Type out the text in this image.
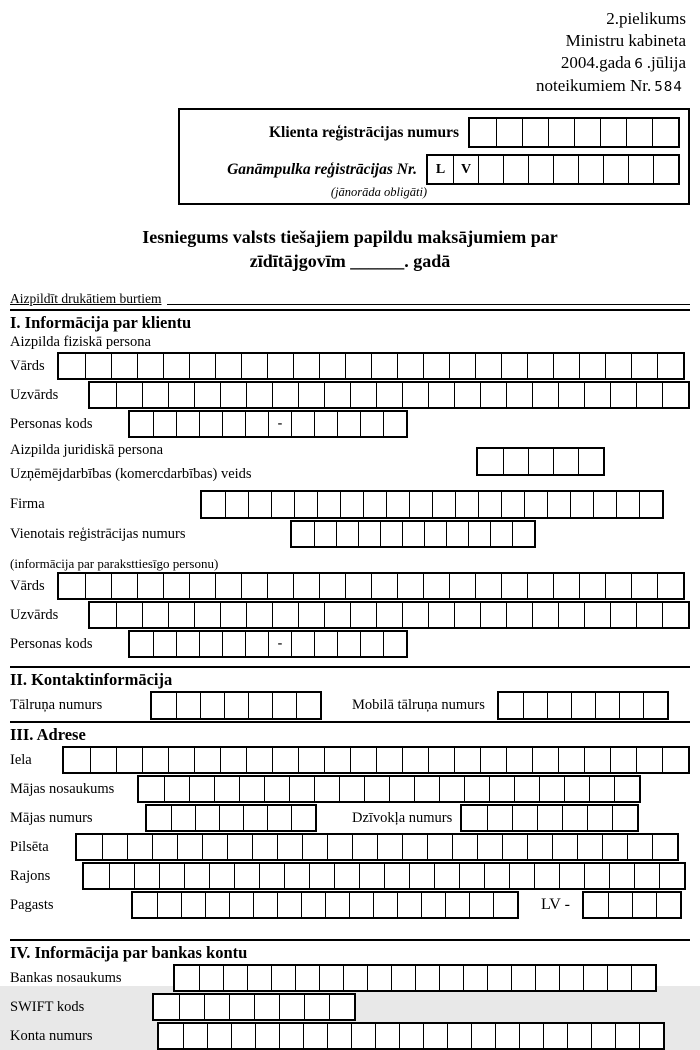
2.pielikums
Ministru kabineta
2004.gada 6 .jūlija
noteikumiem Nr. 584
Klienta reģistrācijas numurs
Ganāmpulka reģistrācijas Nr.	L	V
(jānorāda obligāti)
Iesniegums valsts tiešajiem papildu maksājumiem par
zīdītājgovīm ______. gadā
Aizpildīt drukātiem burtiem
I. Informācija par klientu
Aizpilda fiziskā persona
Vārds
Uzvārds
Personas kods	-
Aizpilda juridiskā persona
Uzņēmējdarbības (komercdarbības) veids
Firma
Vienotais reģistrācijas numurs
(informācija par paraksttiesīgo personu)
Vārds
Uzvārds
Personas kods	-
II. Kontaktinformācija
Tālruņa numurs	Mobilā tālruņa numurs
III. Adrese
Iela
Mājas nosaukums
Mājas numurs	Dzīvokļa numurs
Pilsēta
Rajons
Pagasts	LV -
IV. Informācija par bankas kontu
Bankas nosaukums
SWIFT kods
Konta numurs
